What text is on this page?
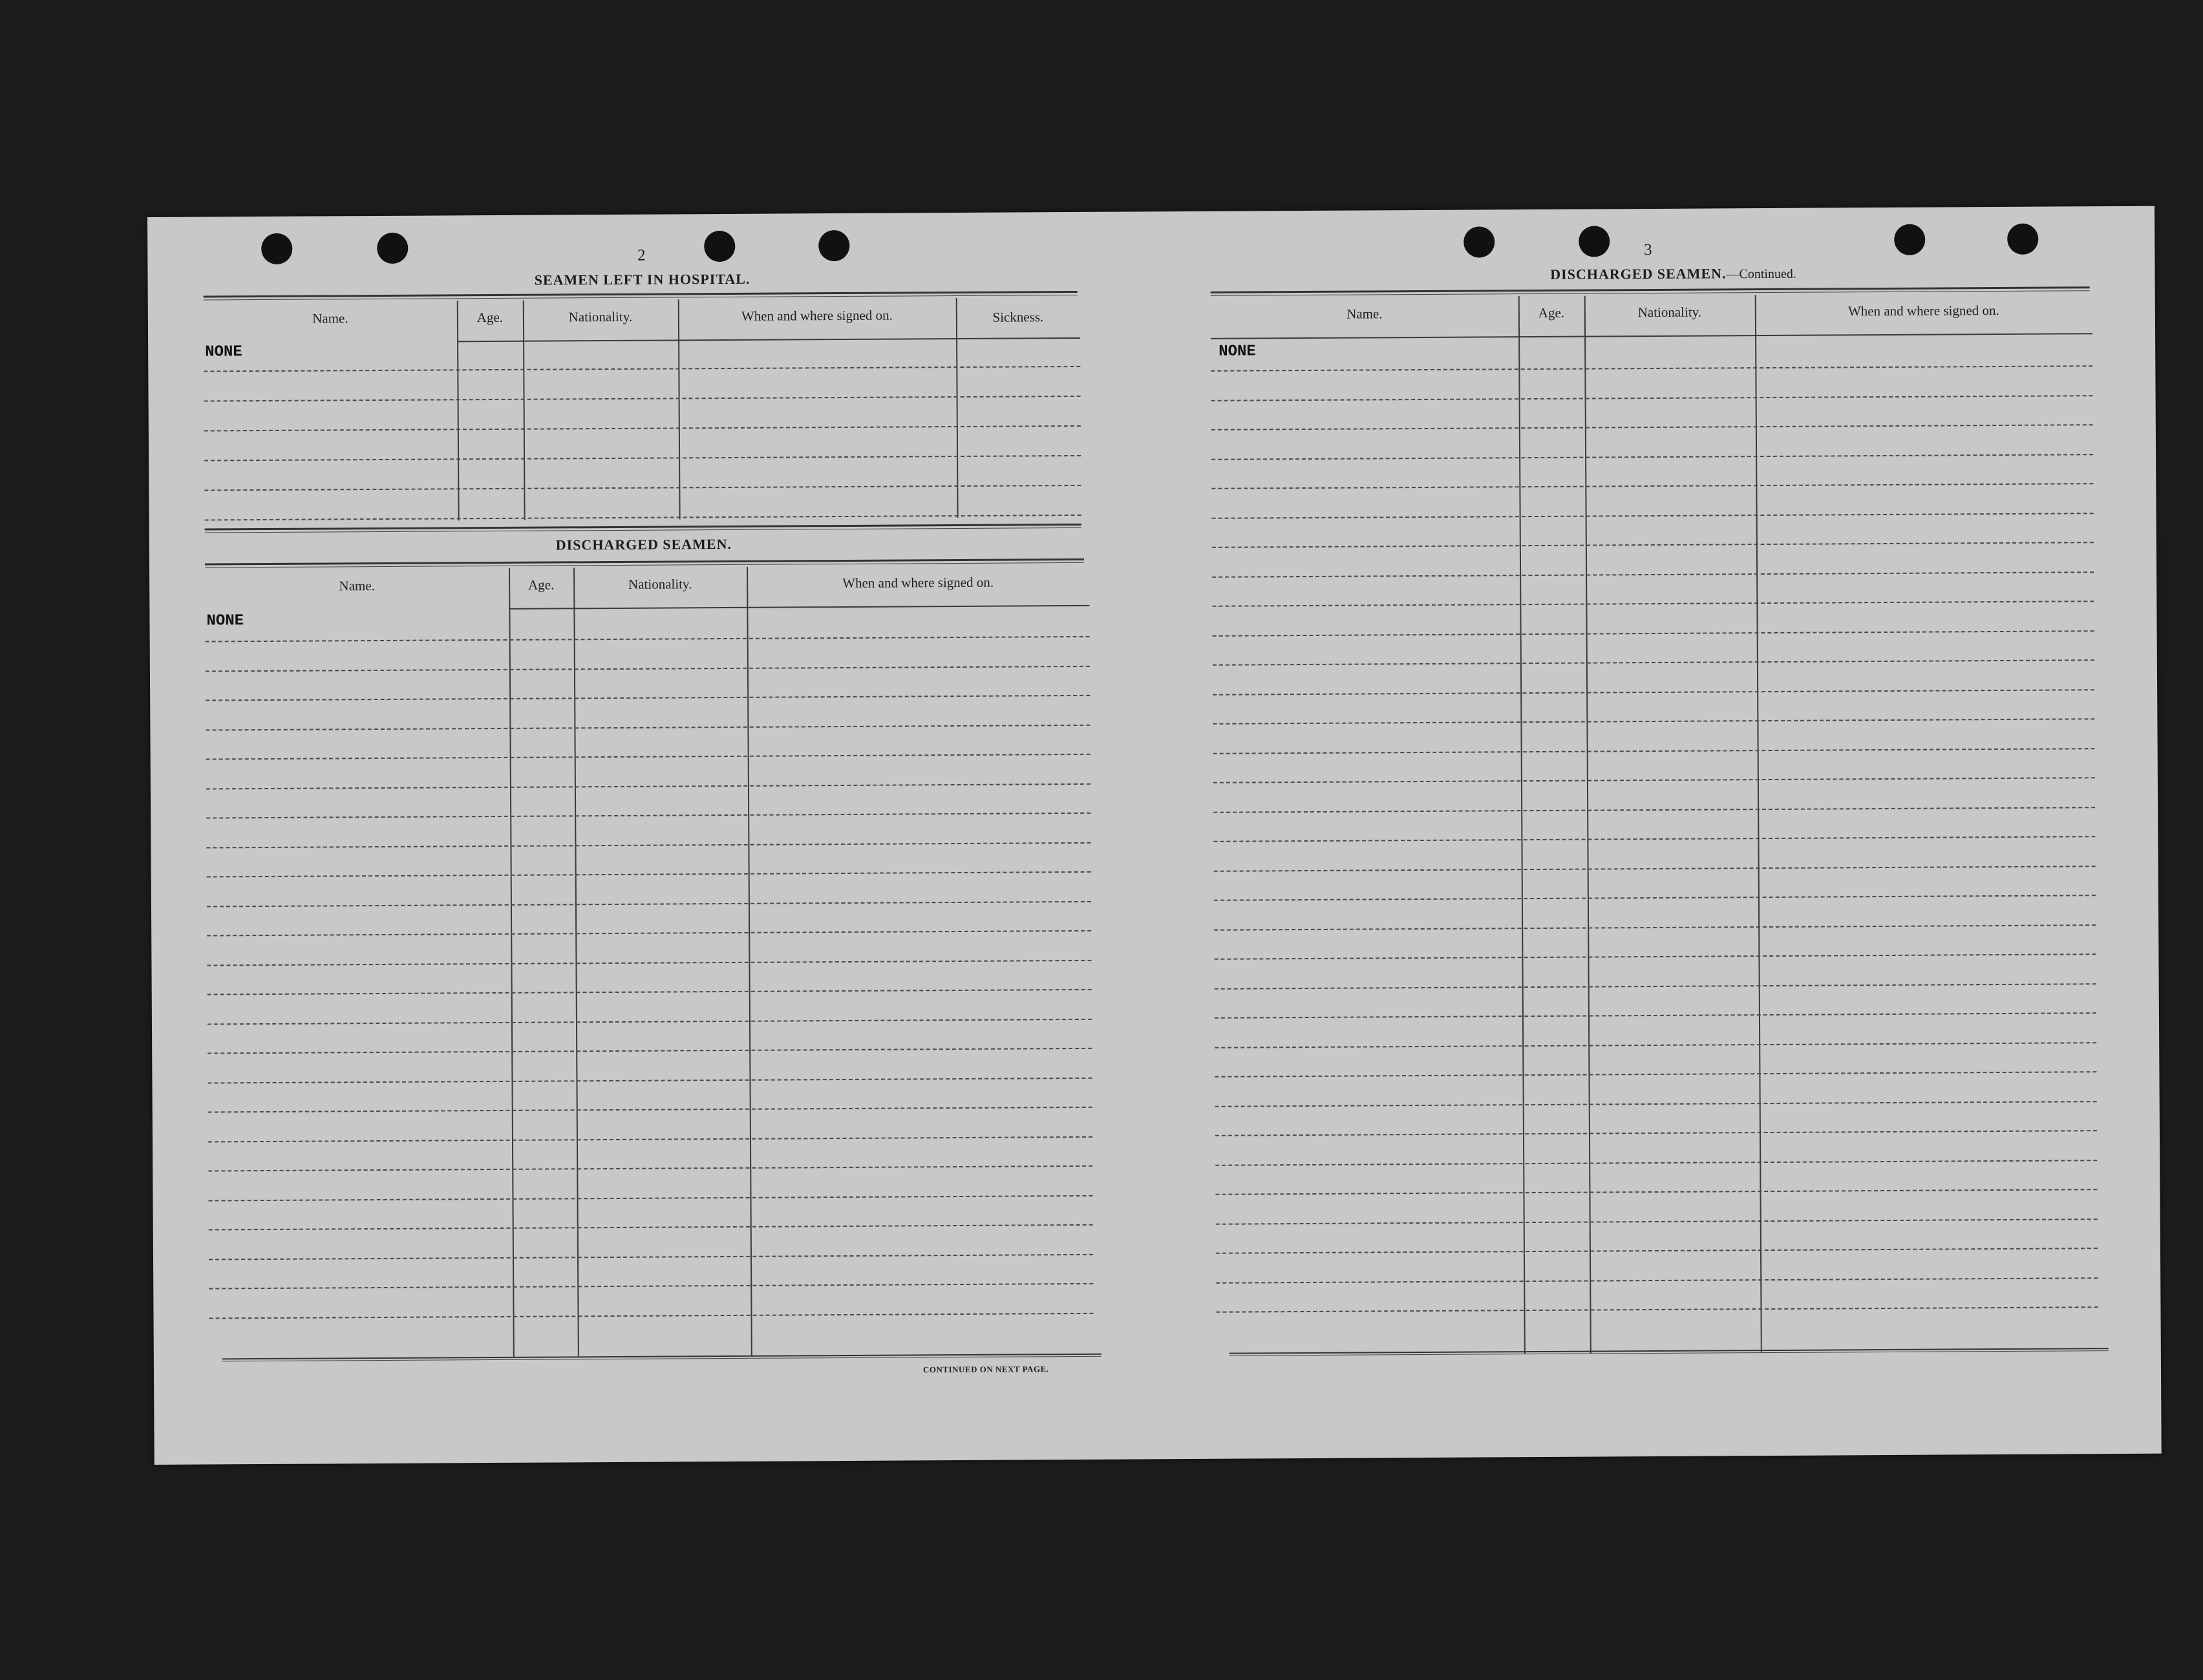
2
SEAMEN LEFT IN HOSPITAL.
Name.	Age.	Nationality.	When and where signed on.	Sickness.
NONE
DISCHARGED SEAMEN.
Name.	Age.	Nationality.	When and where signed on.
NONE
3
DISCHARGED SEAMEN.—Continued.
Name.	Age.	Nationality.	When and where signed on.
NONE
CONTINUED ON NEXT PAGE.
